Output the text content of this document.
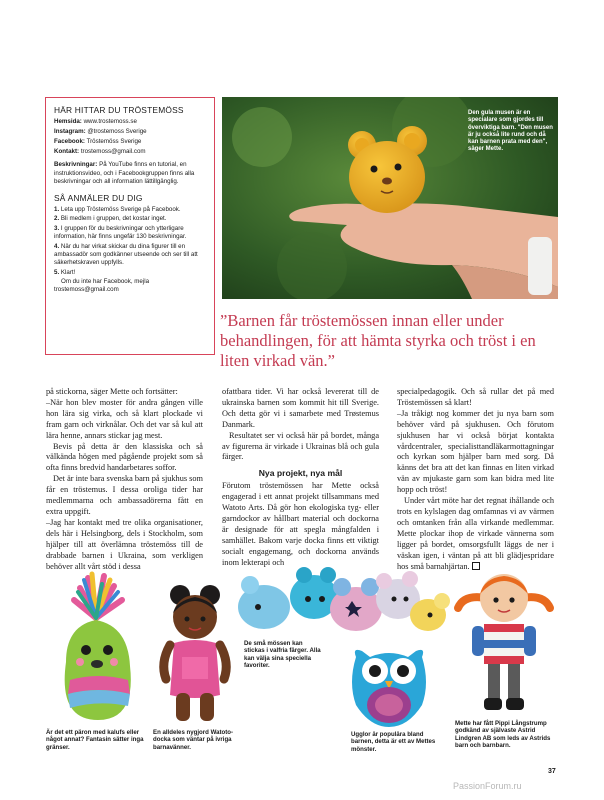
HÄR HITTAR DU TRÖSTEMÖSS
Hemsida: www.trostemoss.se
Instagram: @trostemoss Sverige
Facebook: Tröstemöss Sverige
Kontakt: trostemoss@gmail.com
Beskrivningar: På YouTube finns en tutorial, en instruktionsvideo, och i Facebookgruppen finns alla beskrivningar och all information lättillgänglig.
SÅ ANMÄLER DU DIG
1. Leta upp Tröstemöss Sverige på Facebook.
2. Bli medlem i gruppen, det kostar inget.
3. I gruppen för du beskrivningar och ytterligare information, här finns ungefär 130 beskrivningar.
4. När du har virkat skickar du dina figurer till en ambassadör som godkänner utseende och ser till att säkerhetskraven uppfylls.
5. Klart!
Om du inte har Facebook, mejla trostemoss@gmail.com
Den gula musen är en specialare som gjordes till överviktiga barn. "Den musen är ju också lite rund och då kan barnen prata med den", säger Mette.
”Barnen får tröstemössen innan eller under behandlingen, för att hämta styrka och tröst i en liten virkad vän.”

på stickorna, säger Mette och fortsätter:

–När hon blev moster för andra gången ville hon lära sig virka, och så klart plockade vi fram garn och virknålar. Och det var så kul att lära henne, annars stickar jag mest.

Bevis på detta är den klassiska och så välkända högen med pågående projekt som så ofta finns bredvid handarbetares soffor.

Det är inte bara svenska barn på sjukhus som får en tröstemus. I dessa oroliga tider har medlemmarna och ambassadörerna fått en extra uppgift.

–Jag har kontakt med tre olika organisationer, dels här i Helsingborg, dels i Stockholm, som hjälper till att överlämna tröstemöss till de drabbade barnen i Ukraina, som verkligen behöver allt vårt stöd i dessa

ofattbara tider. Vi har också levererat till de ukrainska barnen som kommit hit till Sverige. Och detta gör vi i samarbete med Trøstemus Danmark.

Resultatet ser vi också här på bordet, många av figurerna är virkade i Ukrainas blå och gula färger.

Nya projekt, nya mål

Förutom tröstemössen har Mette också engagerad i ett annat projekt tillsammans med Watoto Arts. Då gör hon ekologiska tyg- eller garndockor av hållbart material och dockorna är designade för att spegla mångfalden i samhället. Bakom varje docka finns ett viktigt socialt engagemang, och dockorna används inom lekterapi och

specialpedagogik. Och så rullar det på med Tröstemössen så klart!

–Ja tråkigt nog kommer det ju nya barn som behöver värd på sjukhusen. Och förutom sjukhusen har vi också börjat kontakta vårdcentraler, specialisttandläkarmottagningar och kyrkan som hjälper barn med sorg. Då känns det bra att det kan finnas en liten virkad vän av mjukaste garn som kan bidra med lite hopp och tröst!

Under vårt möte har det regnat ihållande och trots en kylslagen dag omfamnas vi av värmen och omtanken från alla virkande medlemmar. Mette plockar ihop de virkade vännerna som ligger på bordet, omsorgsfullt läggs de ner i väskan igen, i väntan på att bli glädjespridare hos små barnahjärtan.

Är det ett päron med kalufs eller något annat? Fantasin sätter inga gränser.
En alldeles nygjord Watoto-docka som väntar på ivriga barnavänner.
De små mössen kan stickas i valfria färger. Alla kan välja sina speciella favoriter.
Ugglor är populära bland barnen, detta är ett av Mettes mönster.
Mette har fått Pippi Långstrump godkänd av självaste Astrid Lindgren AB som leds av Astrids barn och barnbarn.
37
PassionForum.ru
